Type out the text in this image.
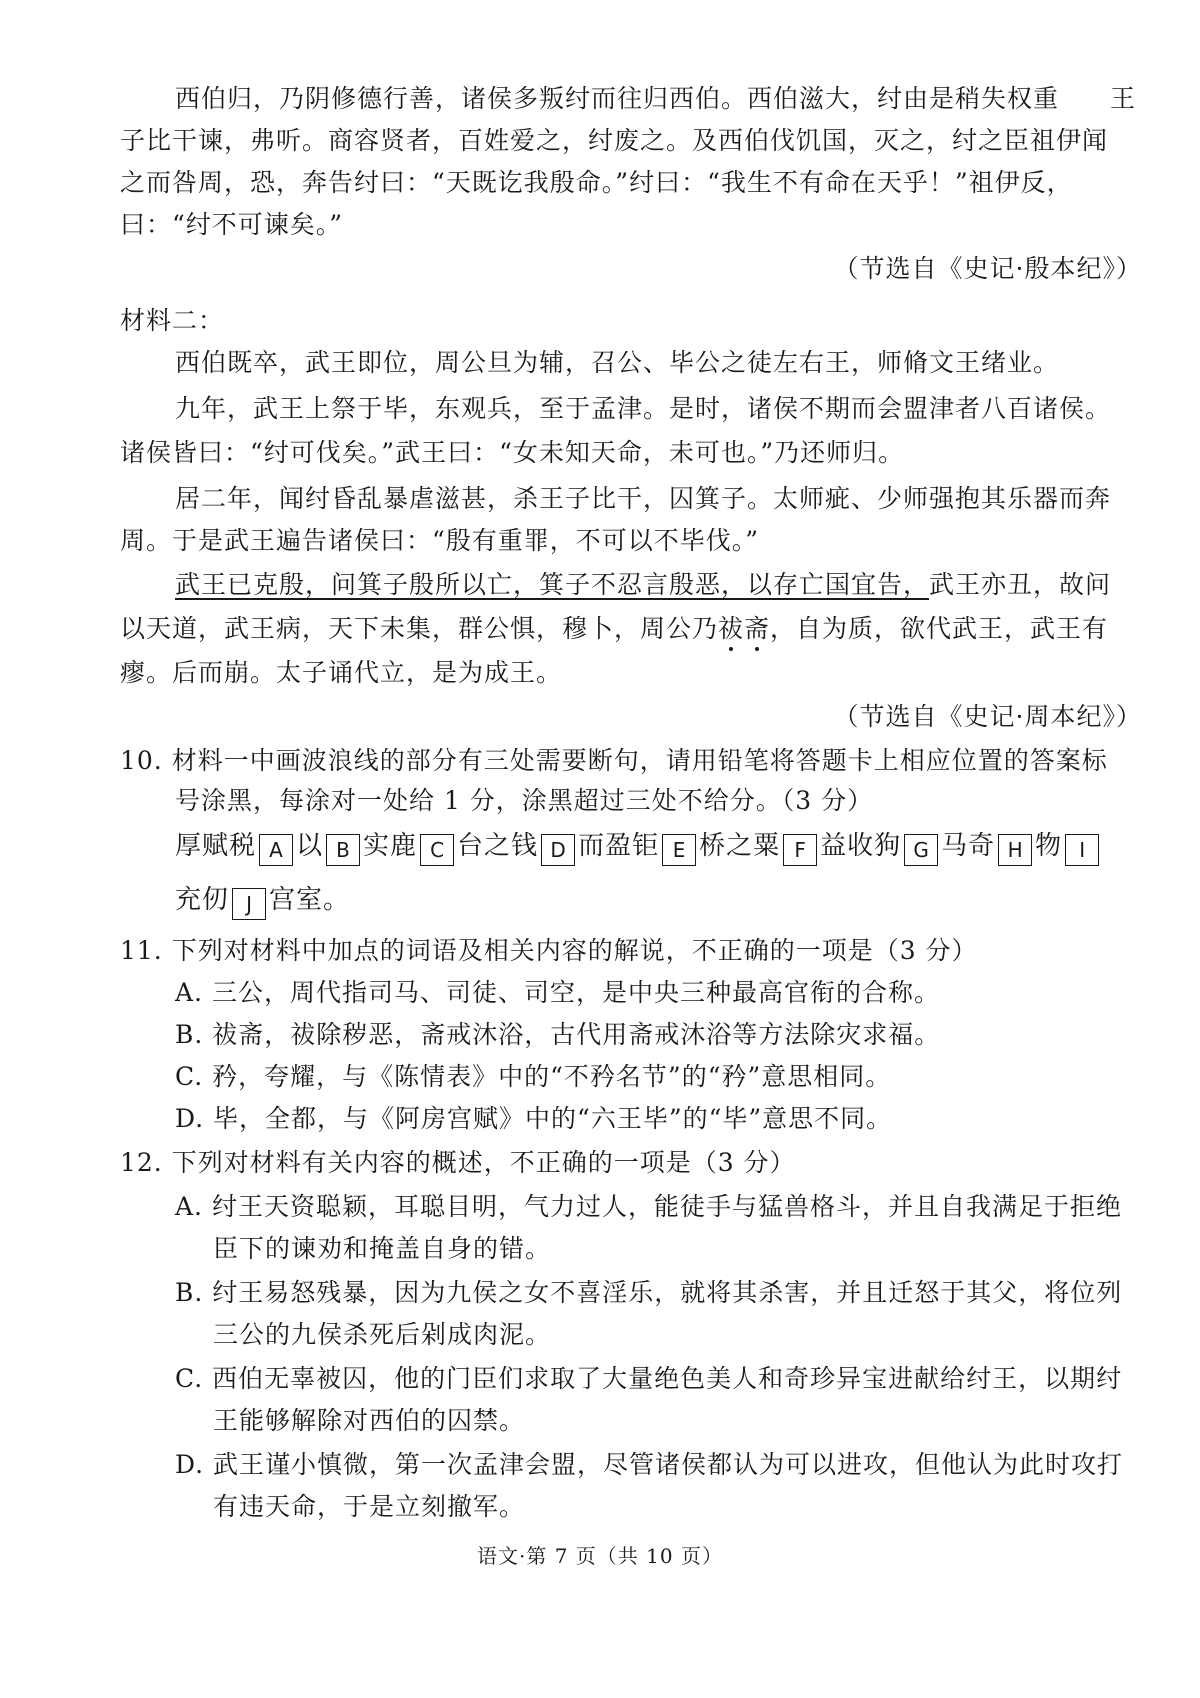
西伯归，乃阴修德行善，诸侯多叛纣而往归西伯。西伯滋大，纣由是稍失权重 王
子比干谏，弗听。商容贤者，百姓爱之，纣废之。及西伯伐饥国，灭之，纣之臣祖伊闻
之而咎周，恐，奔告纣曰：“天既讫我殷命。”纣曰：“我生不有命在天乎！”祖伊反，
曰：“纣不可谏矣。”
（节选自《史记·殷本纪》）
材料二：
西伯既卒，武王即位，周公旦为辅，召公、毕公之徒左右王，师脩文王绪业。
九年，武王上祭于毕，东观兵，至于孟津。是时，诸侯不期而会盟津者八百诸侯。
诸侯皆曰：“纣可伐矣。”武王曰：“女未知天命，未可也。”乃还师归。
居二年，闻纣昏乱暴虐滋甚，杀王子比干，囚箕子。太师疵、少师强抱其乐器而奔
周。于是武王遍告诸侯曰：“殷有重罪，不可以不毕伐。”
武王已克殷，问箕子殷所以亡，箕子不忍言殷恶，以存亡国宜告，武王亦丑，故问
以天道，武王病，天下未集，群公惧，穆卜，周公乃祓斋，自为质，欲代武王，武王有
瘳。后而崩。太子诵代立，是为成王。
（节选自《史记·周本纪》）
10. 材料一中画波浪线的部分有三处需要断句，请用铅笔将答题卡上相应位置的答案标
号涂黑，每涂对一处给 1 分，涂黑超过三处不给分。（3 分）
厚赋税 A 以 B 实鹿 C 台之钱 D 而盈钜 E 桥之粟 F 益收狗 G 马奇 H 物 I
充仞 J 宫室。
11. 下列对材料中加点的词语及相关内容的解说，不正确的一项是（3 分）
A. 三公，周代指司马、司徒、司空，是中央三种最高官衔的合称。
B. 祓斋，祓除秽恶，斋戒沐浴，古代用斋戒沐浴等方法除灾求福。
C. 矜，夸耀，与《陈情表》中的“不矜名节”的“矜”意思相同。
D. 毕，全都，与《阿房宫赋》中的“六王毕”的“毕”意思不同。
12. 下列对材料有关内容的概述，不正确的一项是（3 分）
A. 纣王天资聪颖，耳聪目明，气力过人，能徒手与猛兽格斗，并且自我满足于拒绝
臣下的谏劝和掩盖自身的错。
B. 纣王易怒残暴，因为九侯之女不喜淫乐，就将其杀害，并且迁怒于其父，将位列
三公的九侯杀死后剁成肉泥。
C. 西伯无辜被囚，他的门臣们求取了大量绝色美人和奇珍异宝进献给纣王，以期纣
王能够解除对西伯的囚禁。
D. 武王谨小慎微，第一次孟津会盟，尽管诸侯都认为可以进攻，但他认为此时攻打
有违天命，于是立刻撤军。
语文·第 7 页（共 10 页）
